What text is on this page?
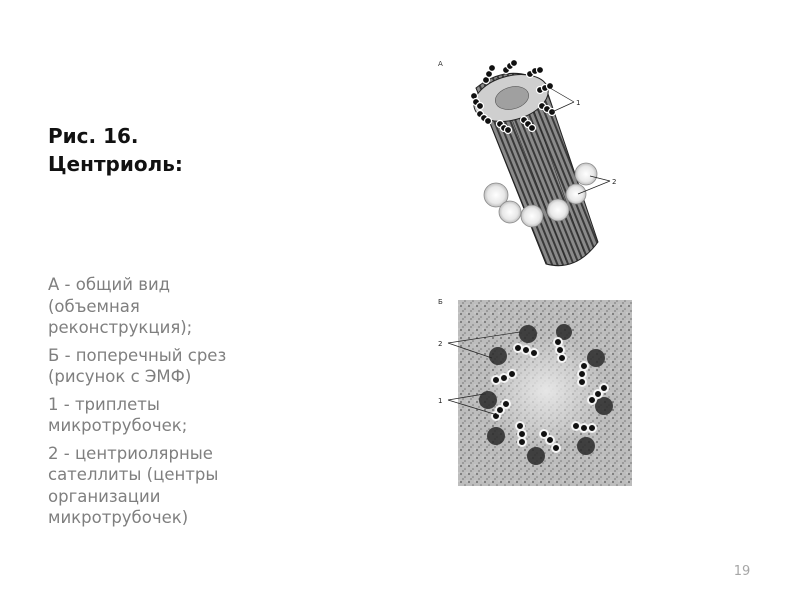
Рис. 16.
Центриоль:

А - общий вид
(объемная
реконструкция);

Б - поперечный срез
(рисунок с ЭМФ)

1 - триплеты
микротрубочек;

2 - центриолярные
сателлиты (центры
организации
микротрубочек)

А
1
2
Б
2
1
19
